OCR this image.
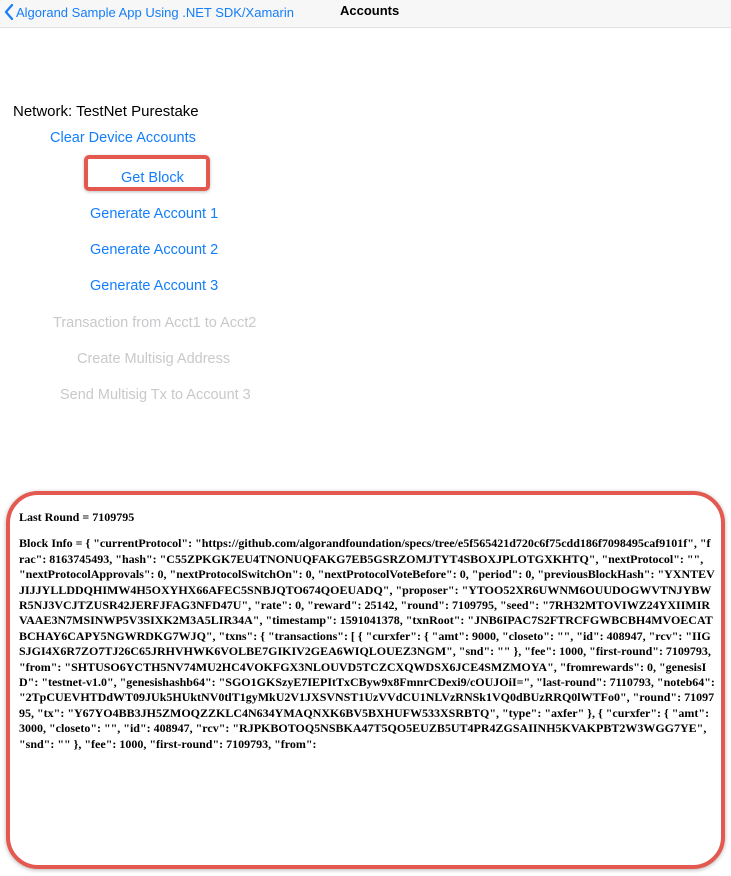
Algorand Sample App Using .NET SDK/Xamarin	Accounts
Network: TestNet Purestake
Clear Device Accounts
Get Block
Generate Account 1
Generate Account 2
Generate Account 3
Transaction from Acct1 to Acct2
Create Multisig Address
Send Multisig Tx to Account 3
Last Round = 7109795
Block Info = { "currentProtocol": "https://github.com/algorandfoundation/specs/tree/e5f565421d720c6f75cdd186f7098495caf9101f", "frac": 8163745493, "hash": "C55ZPKGK7EU4TNONUQFAKG7EB5GSRZOMJTYT4SBOXJPLOTGXKHTQ", "nextProtocol": "", "nextProtocolApprovals": 0, "nextProtocolSwitchOn": 0, "nextProtocolVoteBefore": 0, "period": 0, "previousBlockHash": "YXNTEVJIJJYLLDDQHIMW4H5OXYHX66AFEC5SNBJQTO674QOEUADQ", "proposer": "YTOO52XR6UWNM6OUUDOGWVTNJYBWR5NJ3VCJTZUSR42JERFJFAG3NFD47U", "rate": 0, "reward": 25142, "round": 7109795, "seed": "7RH32MTOVIWZ24YXIIMIRVAAE3N7MSINWP5V3SIXK2M3A5LIR34A", "timestamp": 1591041378, "txnRoot": "JNB6IPAC7S2FTRCFGWBCBH4MVOECATBCHAY6CAPY5NGWRDKG7WJQ", "txns": { "transactions": [ { "curxfer": { "amt": 9000, "closeto": "", "id": 408947, "rcv": "IIGSJGI4X6R7ZO7TJ26C65JRHVHWK6VOLBE7GIKIV2GEA6WIQLOUEZ3NGM", "snd": "" }, "fee": 1000, "first-round": 7109793, "from": "SHTUSO6YCTH5NV74MU2HC4VOKFGX3NLOUVD5TCZCXQWDSX6JCE4SMZMOYA", "fromrewards": 0, "genesisID": "testnet-v1.0", "genesishashb64": "SGO1GKSzyE7IEPItTxCByw9x8FmnrCDexi9/cOUJOiI=", "last-round": 7110793, "noteb64": "2TpCUEVHTDdWT09JUk5HUktNV0tlT1gyMkU2V1JXSVNST1UzVVdCU1NLVzRNSk1VQ0dBUzRRQ0lWTFo0", "round": 7109795, "tx": "Y67YO4BB3JH5ZMOQZZKLC4N634YMAQNXK6BV5BXHUFW533XSRBTQ", "type": "axfer" }, { "curxfer": { "amt": 3000, "closeto": "", "id": 408947, "rcv": "RJPKBOTOQ5NSBKA47T5QO5EUZB5UT4PR4ZGSAIINH5KVAKPBT2W3WGG7YE", "snd": "" }, "fee": 1000, "first-round": 7109793, "from":
